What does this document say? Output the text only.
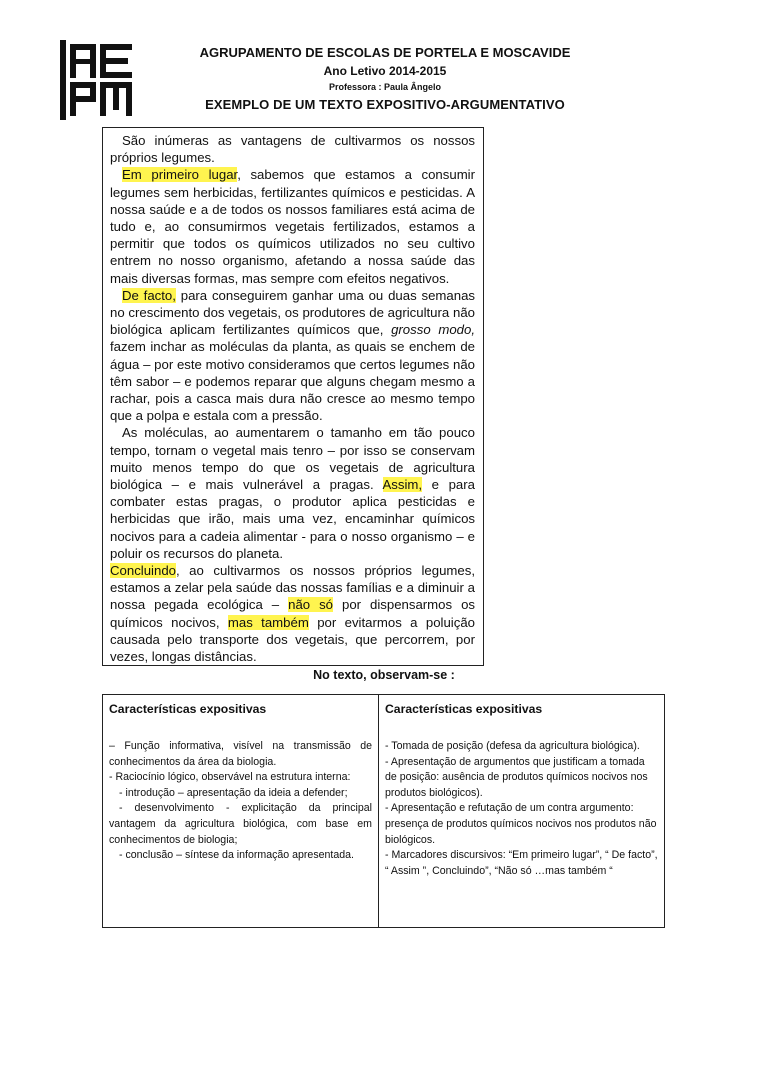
AGRUPAMENTO DE ESCOLAS DE PORTELA E MOSCAVIDE
Ano Letivo 2014-2015
Professora : Paula Ângelo
EXEMPLO DE UM TEXTO EXPOSITIVO-ARGUMENTATIVO

São inúmeras as vantagens de cultivarmos os nossos próprios legumes.

Em primeiro lugar, sabemos que estamos a consumir legumes sem herbicidas, fertilizantes químicos e pesticidas. A nossa saúde e a de todos os nossos familiares está acima de tudo e, ao consumirmos vegetais fertilizados, estamos a permitir que todos os químicos utilizados no seu cultivo entrem no nosso organismo, afetando a nossa saúde das mais diversas formas, mas sempre com efeitos negativos.

De facto, para conseguirem ganhar uma ou duas semanas no crescimento dos vegetais, os produtores de agricultura não biológica aplicam fertilizantes químicos que, grosso modo, fazem inchar as moléculas da planta, as quais se enchem de água – por este motivo consideramos que certos legumes não têm sabor – e podemos reparar que alguns chegam mesmo a rachar, pois a casca mais dura não cresce ao mesmo tempo que a polpa e estala com a pressão.

As moléculas, ao aumentarem o tamanho em tão pouco tempo, tornam o vegetal mais tenro – por isso se conservam muito menos tempo do que os vegetais de agricultura biológica – e mais vulnerável a pragas. Assim, e para combater estas pragas, o produtor aplica pesticidas e herbicidas que irão, mais uma vez, encaminhar químicos nocivos para a cadeia alimentar - para o nosso organismo – e poluir os recursos do planeta.

Concluindo, ao cultivarmos os nossos próprios legumes, estamos a zelar pela saúde das nossas famílias e a diminuir a nossa pegada ecológica – não só por dispensarmos os químicos nocivos, mas também por evitarmos a poluição causada pelo transporte dos vegetais, que percorrem, por vezes, longas distâncias.

No texto, observam-se :
Características expositivas
– Função informativa, visível na transmissão de conhecimentos da área da biologia.
- Raciocínio lógico, observável na estrutura interna:
- introdução – apresentação da ideia a defender;
- desenvolvimento - explicitação da principal vantagem da agricultura biológica, com base em conhecimentos de biologia;
- conclusão – síntese da informação apresentada.
Características expositivas
- Tomada de posição (defesa da agricultura biológica).
- Apresentação de argumentos que justificam a tomada de posição: ausência de produtos químicos nocivos nos produtos biológicos).
- Apresentação e refutação de um contra argumento: presença de produtos químicos nocivos nos produtos não biológicos.
- Marcadores discursivos: “Em primeiro lugar”, “ De facto”, “ Assim ”, Concluindo”, “Não só …mas também “
